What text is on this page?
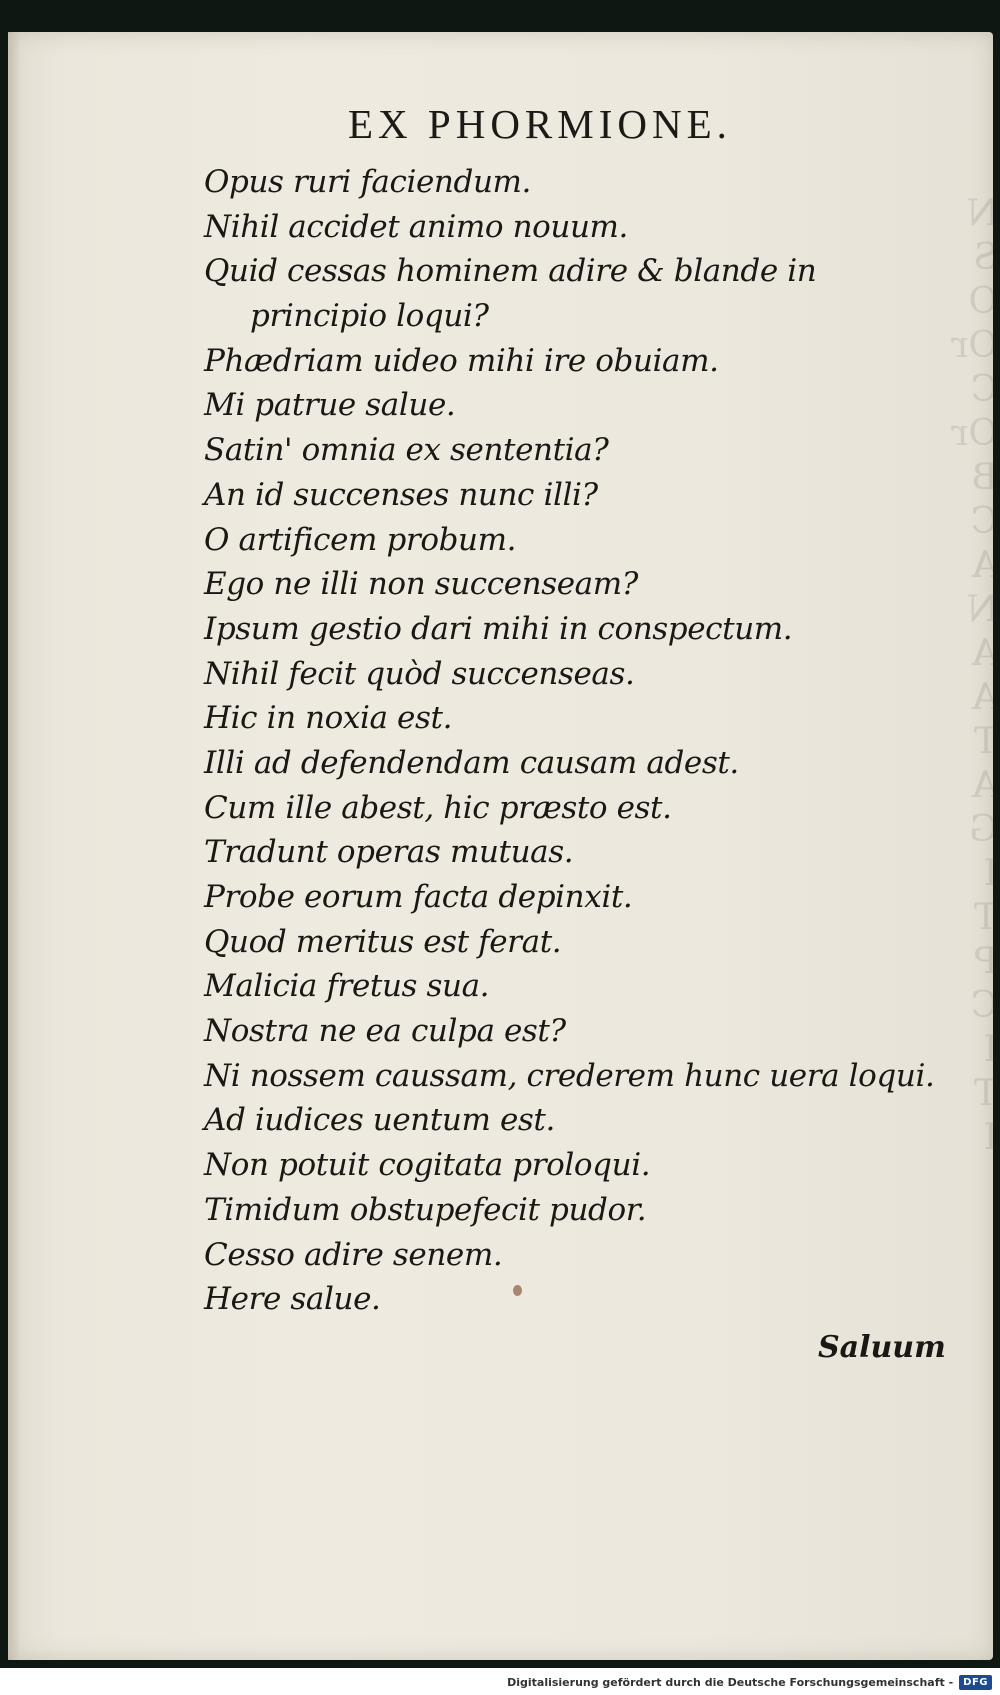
N
S
O
Or
C
Or
B
C
A
N
A
A
T
A
G
I
T
P
C
I
T
I
EX PHORMIONE.
Opus ruri faciendum.
Nihil accidet animo nouum.
Quid cessas hominem adire & blande in
principio loqui?
Phædriam uideo mihi ire obuiam.
Mi patrue salue.
Satin' omnia ex sententia?
An id succenses nunc illi?
O artificem probum.
Ego ne illi non succenseam?
Ipsum gestio dari mihi in conspectum.
Nihil fecit quòd succenseas.
Hic in noxia est.
Illi ad defendendam causam adest.
Cum ille abest, hic præsto est.
Tradunt operas mutuas.
Probe eorum facta depinxit.
Quod meritus est ferat.
Malicia fretus sua.
Nostra ne ea culpa est?
Ni nossem caussam, crederem hunc uera loqui.
Ad iudices uentum est.
Non potuit cogitata proloqui.
Timidum obstupefecit pudor.
Cesso adire senem.
Here salue.
Saluum
Digitalisierung gefördert durch die Deutsche Forschungsgemeinschaft -	DFG
